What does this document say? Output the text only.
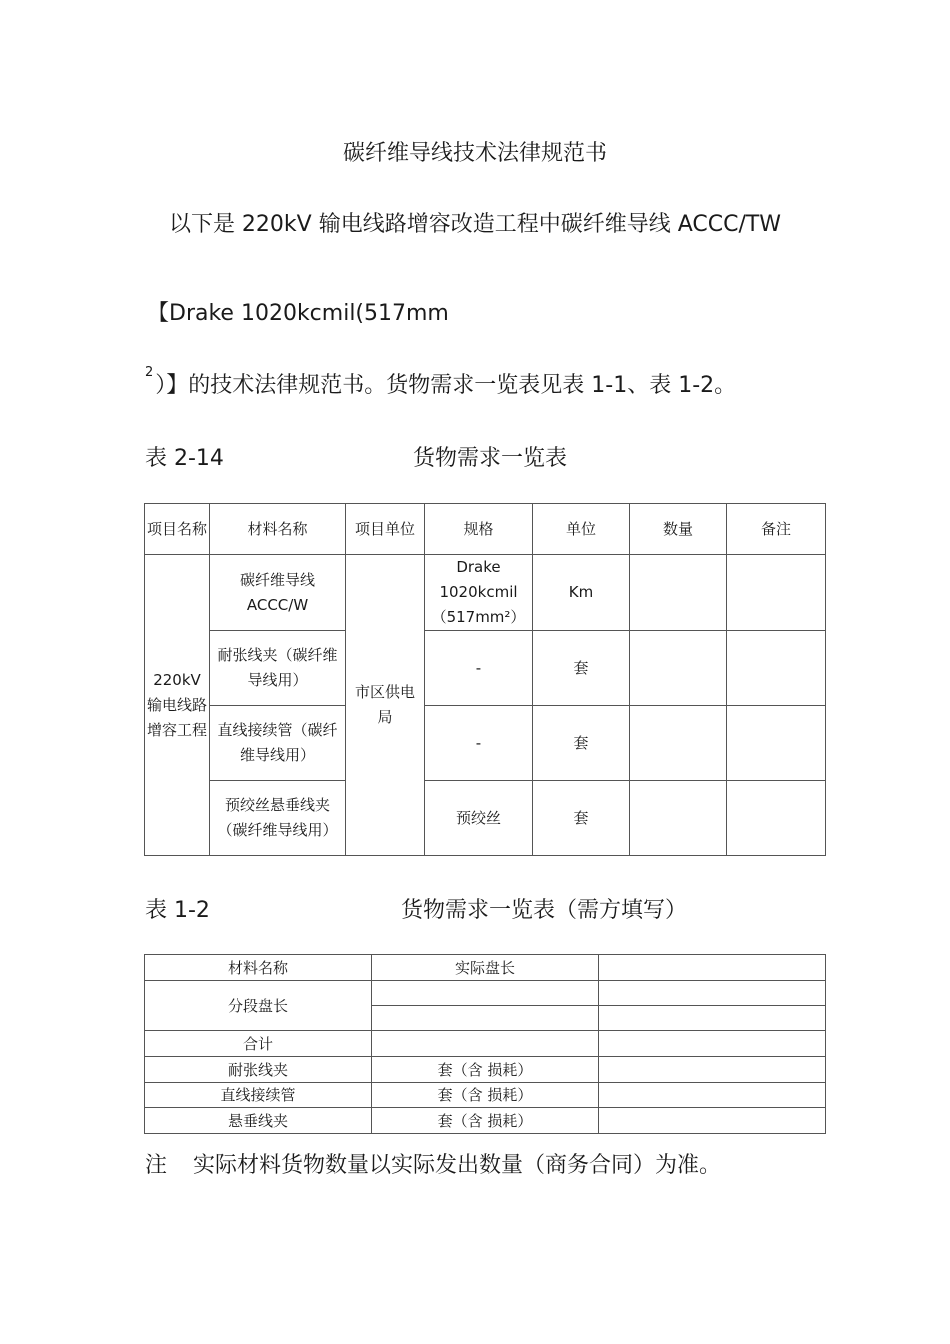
碳纤维导线技术法律规范书
以下是 220kV 输电线路增容改造工程中碳纤维导线 ACCC/TW
【Drake 1020kcmil(517mm
$^2$）】的技术法律规范书。货物需求一览表见表 1-1、表 1-2。
表 2-14	货物需求一览表
项目名称	材料名称	项目单位	规格	单位	数量	备注
220kV输电线路增容工程	碳纤维导线ACCC/W	市区供电局	Drake 1020kcmil（517mm²）	Km		
	耐张线夹（碳纤维导线用）		-	套		
	直线接续管（碳纤维导线用）		-	套		
	预绞丝悬垂线夹（碳纤维导线用）		预绞丝	套		
表 1-2	货物需求一览表（需方填写）
材料名称	实际盘长	
分段盘长		

合计		
耐张线夹	套（含 损耗）	
直线接续管	套（含 损耗）	
悬垂线夹	套（含 损耗）	
注 实际材料货物数量以实际发出数量（商务合同）为准。
